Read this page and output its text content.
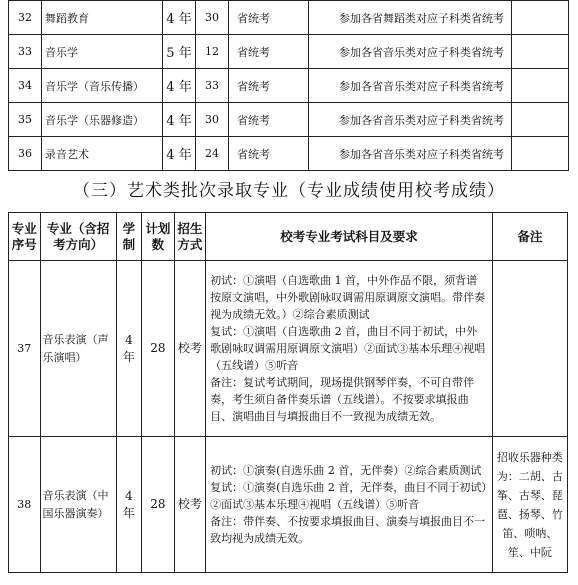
32	舞蹈教育	4 年	30	省统考	参加各省舞蹈类对应子科类省统考	
33	音乐学	5 年	12	省统考	参加各省音乐类对应子科类省统考	
34	音乐学（音乐传播）	4 年	33	省统考	参加各省音乐类对应子科类省统考	
35	音乐学（乐器修造）	4 年	30	省统考	参加各省音乐类对应子科类省统考	
36	录音艺术	4 年	24	省统考	参加各省音乐类对应子科类省统考	
（三）艺术类批次录取专业（专业成绩使用校考成绩）
专业序号	专业（含招考方向）	学制	计划数	招生方式	校考专业考试科目及要求	备注
37	音乐表演（声乐演唱）	4 年	28	校考	初试：①演唱（自选歌曲 1 首，中外作品不限，须背谱按原文演唱，中外歌剧咏叹调需用原调原文演唱。带伴奏视为成绩无效。）②综合素质测试
复试：①演唱（自选歌曲 2 首，曲目不同于初试，中外歌剧咏叹调需用原调原文演唱）②面试③基本乐理④视唱（五线谱）⑤听音
备注：复试考试期间，现场提供钢琴伴奏，不可自带伴奏，考生须自备伴奏乐谱（五线谱）。不按要求填报曲目、演唱曲目与填报曲目不一致视为成绩无效。	

38	音乐表演（中国乐器演奏）	4 年	28	校考	初试：①演奏(自选乐曲 2 首，无伴奏）②综合素质测试
复试：①演奏(自选乐曲 2 首，无伴奏，曲目不同于初试）②面试③基本乐理④视唱（五线谱）⑤听音
备注：带伴奏、不按要求填报曲目、演奏与填报曲目不一致均视为成绩无效。	招收乐器种类为：二胡、古筝、古琴、琵琶、扬琴、竹笛、唢呐、笙、中阮
